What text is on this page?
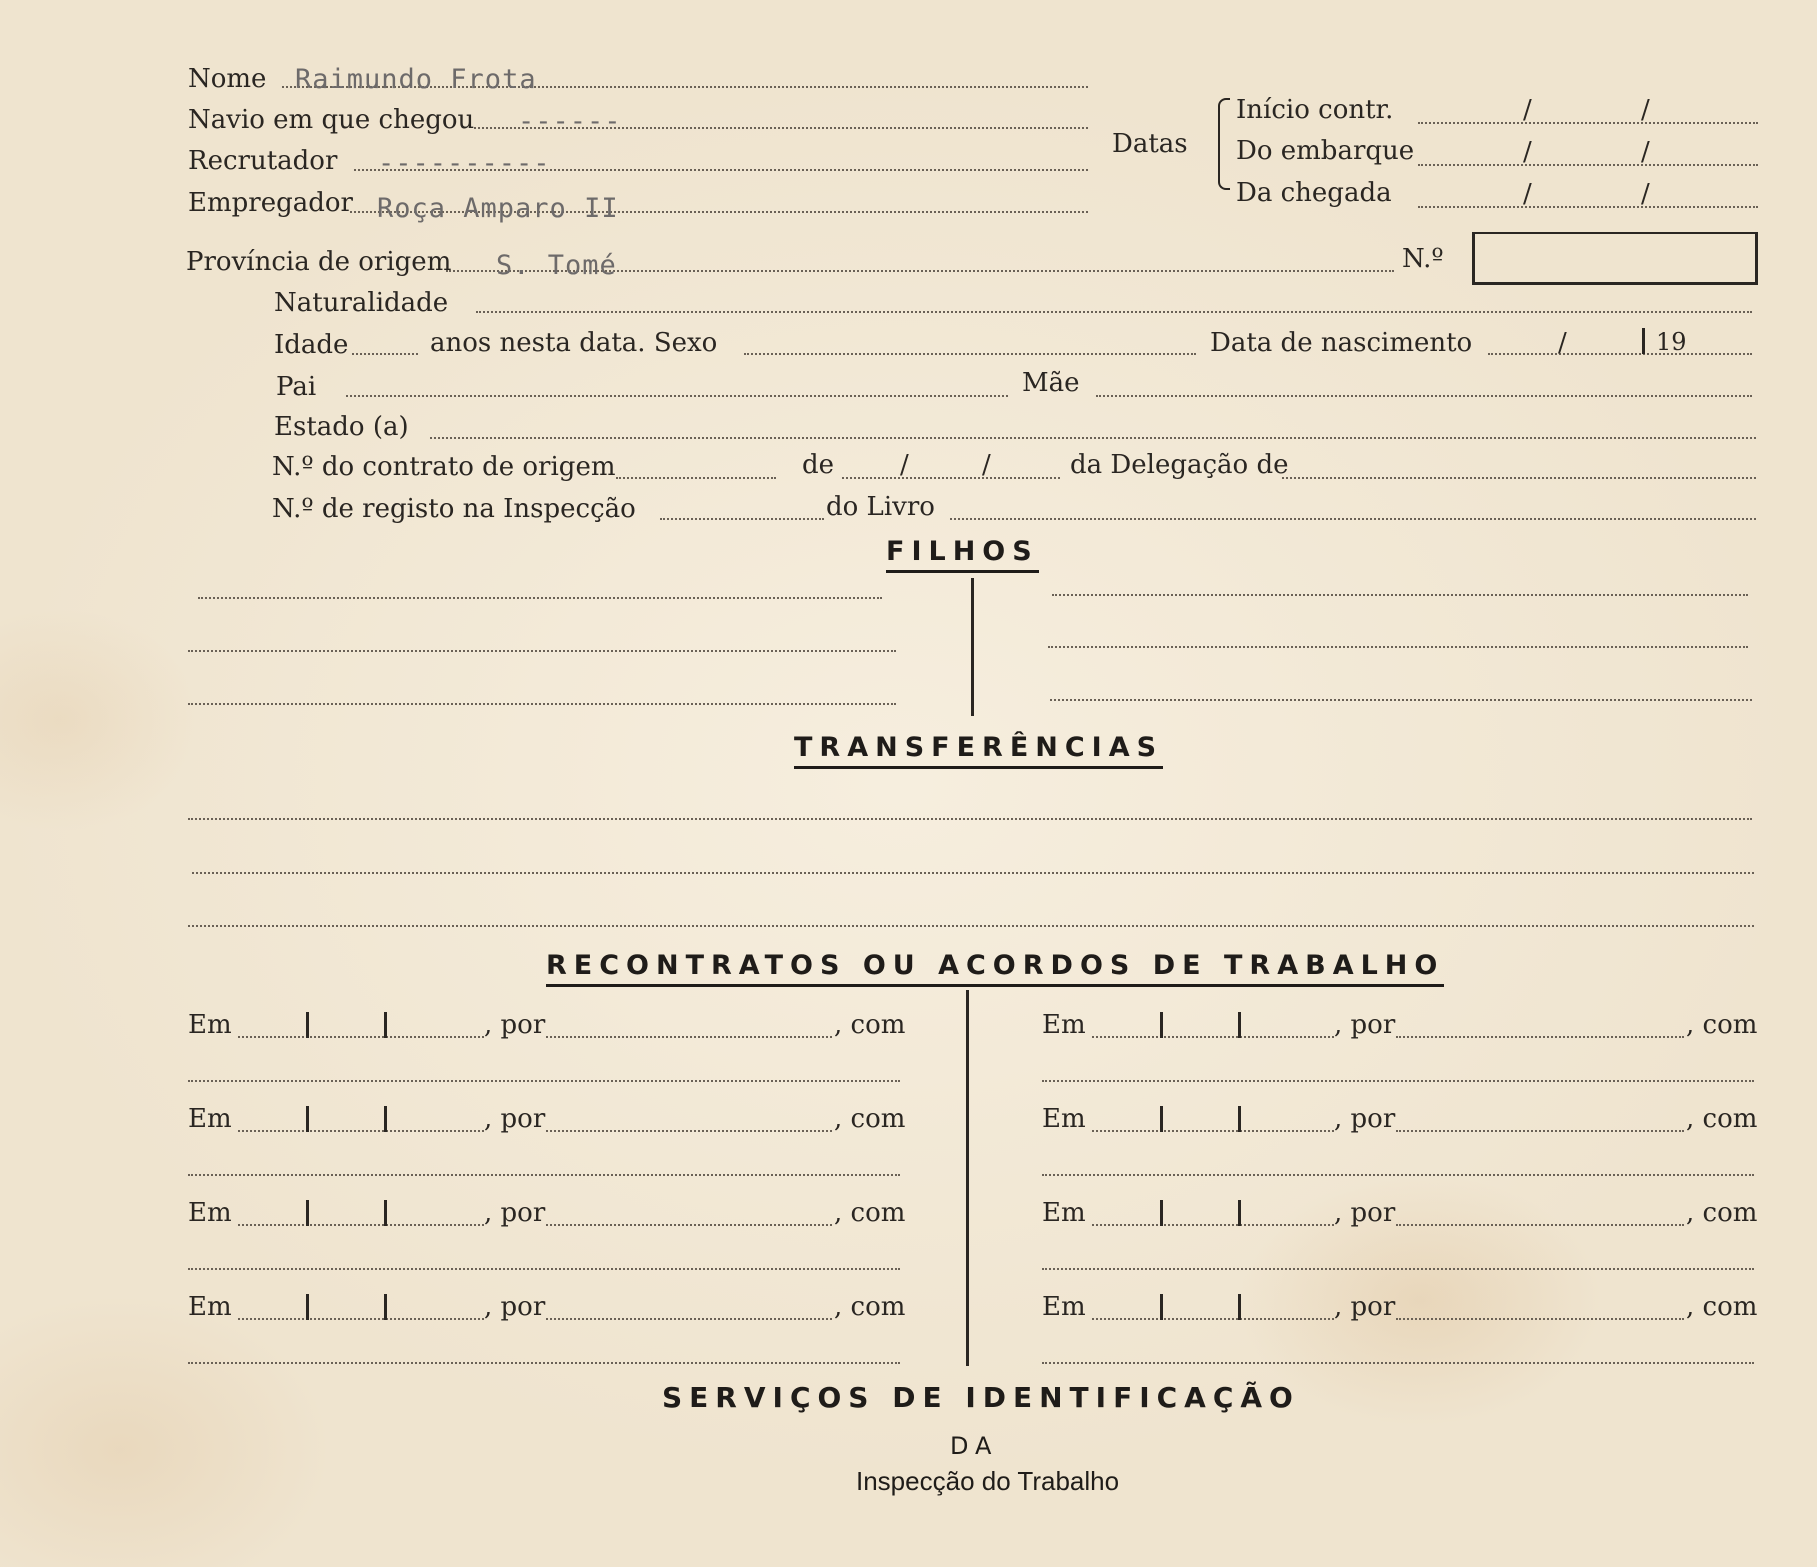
Nome Raimundo Frota
Navio em que chegou ------
Recrutador ----------
Empregador Roça Amparo II
Datas
Início contr.	/	/
Do embarque	/	/
Da chegada	/	/
Província de origem S. Tomé	N.º
Naturalidade
Idade	anos nesta data. Sexo	Data de nascimento	/	19
Pai	Mãe
Estado (a)
N.º do contrato de origem	de	/	/	da Delegação de
N.º de registo na Inspecção	do Livro
FILHOS
TRANSFERÊNCIAS
RECONTRATOS OU ACORDOS DE TRABALHO
Em	, por	, com	Em	, por	, com
Em	, por	, com	Em	, por	, com
Em	, por	, com	Em	, por	, com
Em	, por	, com	Em	, por	, com
SERVIÇOS DE IDENTIFICAÇÃO
DA
Inspecção do Trabalho
